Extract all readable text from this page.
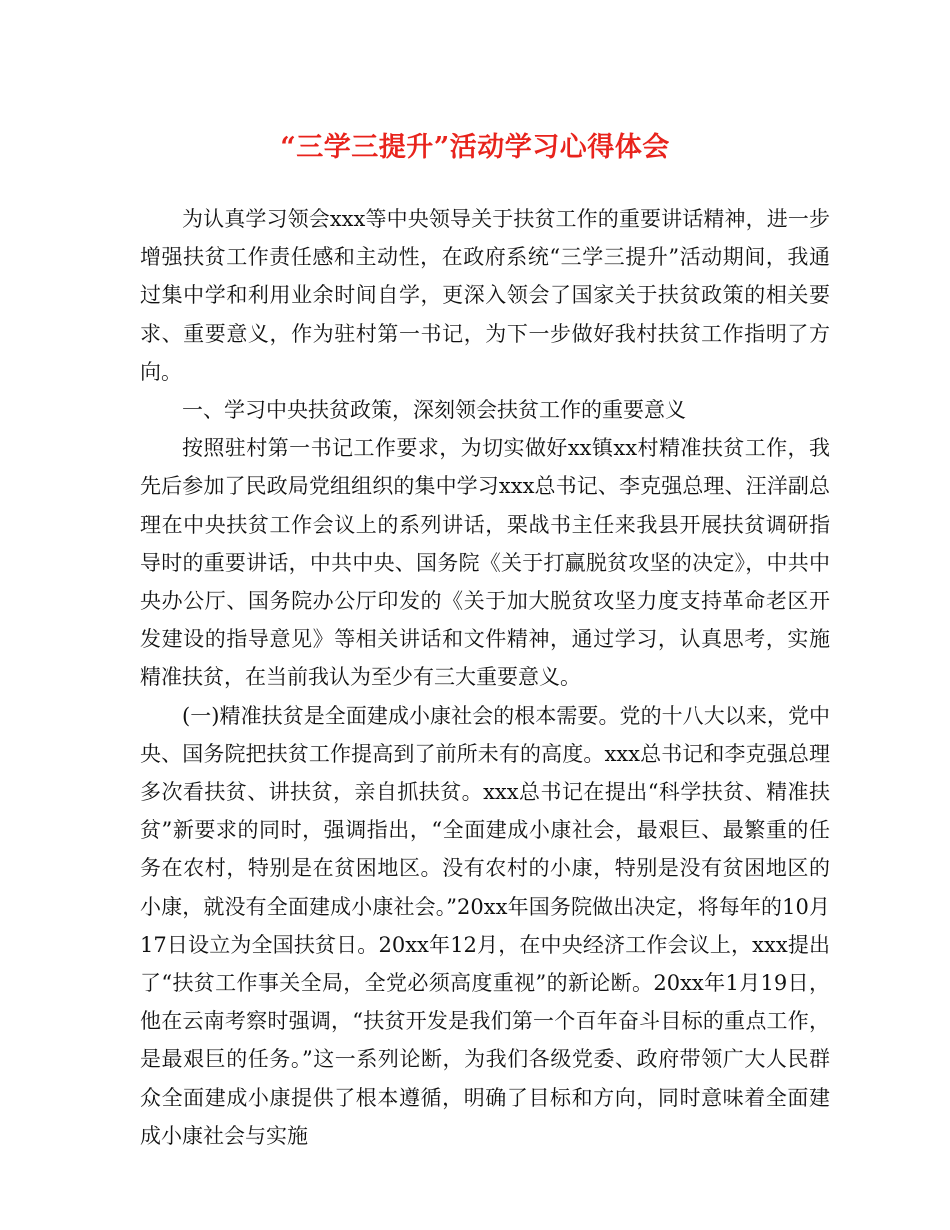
“三学三提升”活动学习心得体会

为认真学习领会xxx等中央领导关于扶贫工作的重要讲话精神，进一步增强扶贫工作责任感和主动性，在政府系统“三学三提升”活动期间，我通过集中学和利用业余时间自学，更深入领会了国家关于扶贫政策的相关要求、重要意义，作为驻村第一书记，为下一步做好我村扶贫工作指明了方向。

一、学习中央扶贫政策，深刻领会扶贫工作的重要意义

按照驻村第一书记工作要求，为切实做好xx镇xx村精准扶贫工作，我先后参加了民政局党组组织的集中学习xxx总书记、李克强总理、汪洋副总理在中央扶贫工作会议上的系列讲话，栗战书主任来我县开展扶贫调研指导时的重要讲话，中共中央、国务院《关于打赢脱贫攻坚的决定》，中共中央办公厅、国务院办公厅印发的《关于加大脱贫攻坚力度支持革命老区开发建设的指导意见》等相关讲话和文件精神，通过学习，认真思考，实施精准扶贫，在当前我认为至少有三大重要意义。

(一)精准扶贫是全面建成小康社会的根本需要。党的十八大以来，党中央、国务院把扶贫工作提高到了前所未有的高度。xxx总书记和李克强总理多次看扶贫、讲扶贫，亲自抓扶贫。xxx总书记在提出“科学扶贫、精准扶贫”新要求的同时，强调指出，“全面建成小康社会，最艰巨、最繁重的任务在农村，特别是在贫困地区。没有农村的小康，特别是没有贫困地区的小康，就没有全面建成小康社会。”20xx年国务院做出决定，将每年的10月17日设立为全国扶贫日。20xx年12月，在中央经济工作会议上，xxx提出了“扶贫工作事关全局，全党必须高度重视”的新论断。20xx年1月19日，他在云南考察时强调，“扶贫开发是我们第一个百年奋斗目标的重点工作，是最艰巨的任务。”这一系列论断，为我们各级党委、政府带领广大人民群众全面建成小康提供了根本遵循，明确了目标和方向，同时意味着全面建成小康社会与实施
